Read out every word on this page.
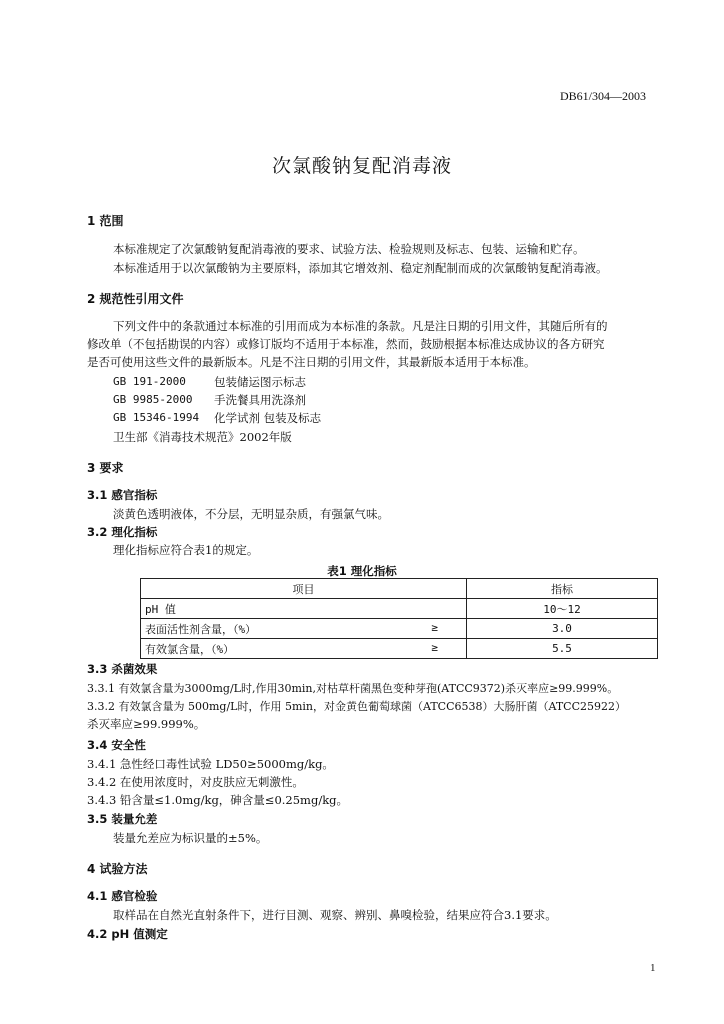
DB61/304—2003
次氯酸钠复配消毒液
1 范围
本标准规定了次氯酸钠复配消毒液的要求、试验方法、检验规则及标志、包装、运输和贮存。
本标准适用于以次氯酸钠为主要原料，添加其它增效剂、稳定剂配制而成的次氯酸钠复配消毒液。
2 规范性引用文件
下列文件中的条款通过本标准的引用而成为本标准的条款。凡是注日期的引用文件，其随后所有的
修改单（不包括勘误的内容）或修订版均不适用于本标准，然而，鼓励根据本标准达成协议的各方研究
是否可使用这些文件的最新版本。凡是不注日期的引用文件，其最新版本适用于本标准。
GB 191-2000 包装储运图示标志
GB 9985-2000 手洗餐具用洗涤剂
GB 15346-1994 化学试剂 包装及标志
卫生部《消毒技术规范》2002年版
3 要求
3.1 感官指标
淡黄色透明液体，不分层，无明显杂质，有强氯气味。
3.2 理化指标
理化指标应符合表1的规定。
表1 理化指标
项目	指标
pH 值	10～12
表面活性剂含量，（%） ≥	3.0
有效氯含量，（%） ≥	5.5
3.3 杀菌效果
3.3.1 有效氯含量为3000mg/L时,作用30min,对枯草杆菌黑色变种芽孢(ATCC9372)杀灭率应≥99.999%。
3.3.2 有效氯含量为 500mg/L时，作用 5min，对金黄色葡萄球菌（ATCC6538）大肠肝菌（ATCC25922）
杀灭率应≥99.999%。
3.4 安全性
3.4.1 急性经口毒性试验 LD50≥5000mg/kg。
3.4.2 在使用浓度时，对皮肤应无刺激性。
3.4.3 铅含量≤1.0mg/kg，砷含量≤0.25mg/kg。
3.5 装量允差
装量允差应为标识量的±5%。
4 试验方法
4.1 感官检验
取样品在自然光直射条件下，进行目测、观察、辨别、鼻嗅检验，结果应符合3.1要求。
4.2 pH 值测定
1
